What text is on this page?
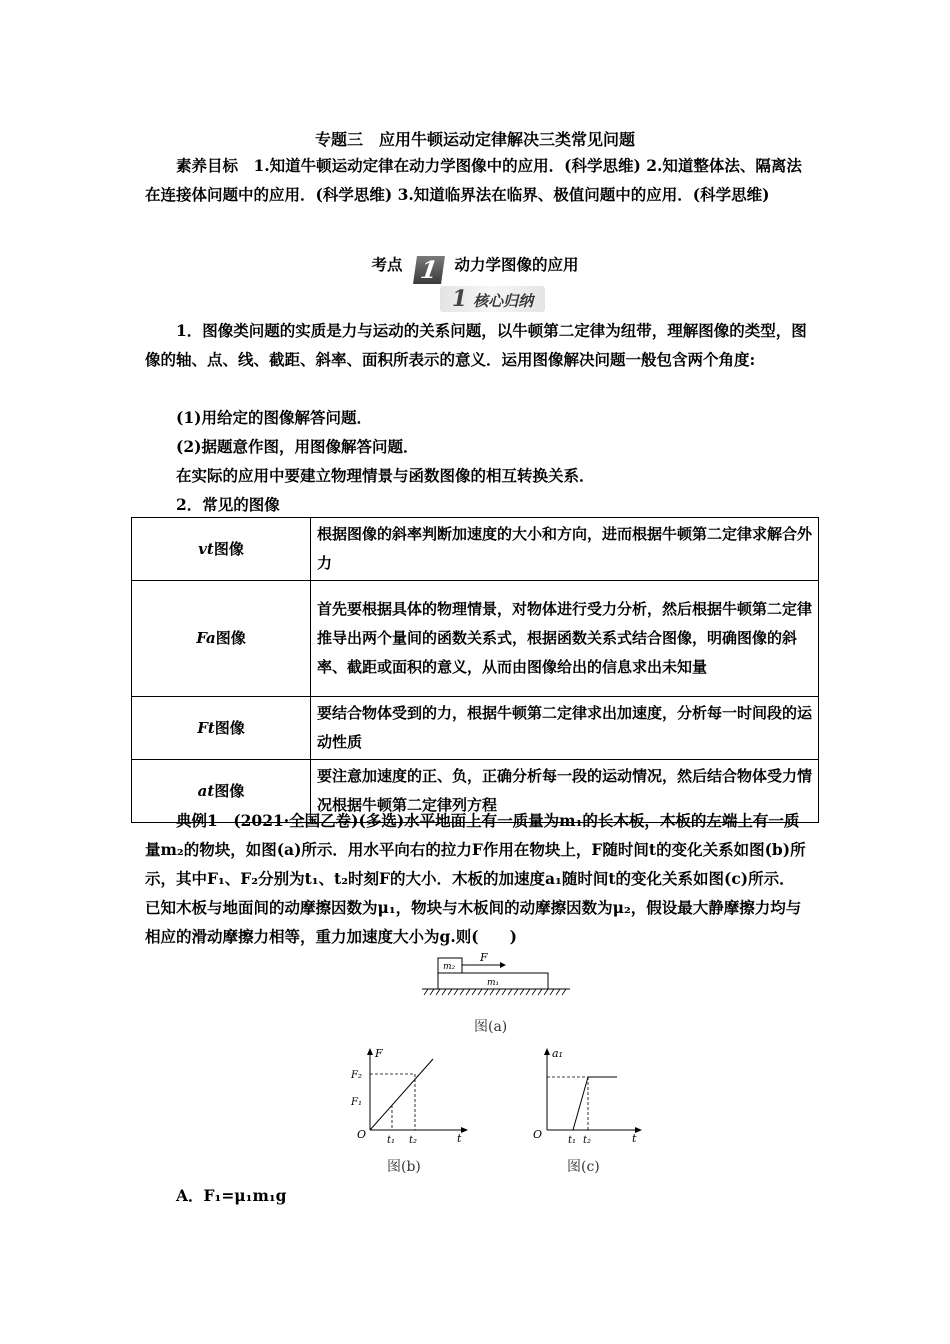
专题三　应用牛顿运动定律解决三类常见问题
素养目标　1.知道牛顿运动定律在动力学图像中的应用．(科学思维) 2.知道整体法、隔离法在连接体问题中的应用．(科学思维) 3.知道临界法在临界、极值问题中的应用．(科学思维)
考点 1 动力学图像的应用
1 核心归纳
1．图像类问题的实质是力与运动的关系问题，以牛顿第二定律为纽带，理解图像的类型，图像的轴、点、线、截距、斜率、面积所表示的意义．运用图像解决问题一般包含两个角度:
(1)用给定的图像解答问题．
(2)据题意作图，用图像解答问题．
在实际的应用中要建立物理情景与函数图像的相互转换关系．
2．常见的图像
vt图像	根据图像的斜率判断加速度的大小和方向，进而根据牛顿第二定律求解合外力
Fa图像	首先要根据具体的物理情景，对物体进行受力分析，然后根据牛顿第二定律推导出两个量间的函数关系式，根据函数关系式结合图像，明确图像的斜率、截距或面积的意义，从而由图像给出的信息求出未知量
Ft图像	要结合物体受到的力，根据牛顿第二定律求出加速度，分析每一时间段的运动性质
at图像	要注意加速度的正、负，正确分析每一段的运动情况，然后结合物体受力情况根据牛顿第二定律列方程
典例1　 (2021·全国乙卷)(多选)水平地面上有一质量为m₁的长木板，木板的左端上有一质量m₂的物块，如图(a)所示．用水平向右的拉力F作用在物块上，F随时间t的变化关系如图(b)所示，其中F₁、F₂分别为t₁、t₂时刻F的大小．木板的加速度a₁随时间t的变化关系如图(c)所示．已知木板与地面间的动摩擦因数为μ₁，物块与木板间的动摩擦因数为μ₂，假设最大静摩擦力均与相应的滑动摩擦力相等，重力加速度大小为g.则(　　)
m₂
F
m₁
图(a)
F
t
O
F₂
F₁
t₁ t₂
图(b)
a₁
t
O	t₁ t₂
图(c)
A．F₁=μ₁m₁g
